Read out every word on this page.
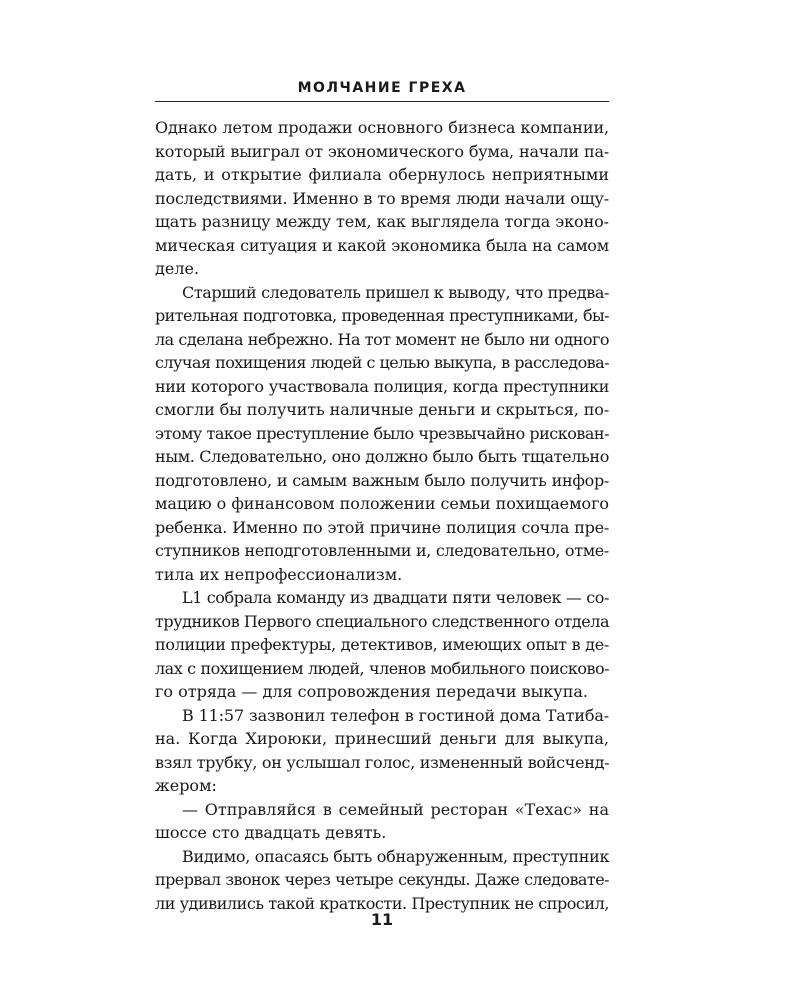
МОЛЧАНИЕ ГРЕХА
Однако летом продажи основного бизнеса компании,
который выиграл от экономического бума, начали па-
дать, и открытие филиала обернулось неприятными
последствиями. Именно в то время люди начали ощу-
щать разницу между тем, как выглядела тогда эконо-
мическая ситуация и какой экономика была на самом
деле.
Старший следователь пришел к выводу, что предва-
рительная подготовка, проведенная преступниками, бы-
ла сделана небрежно. На тот момент не было ни одного
случая похищения людей с целью выкупа, в расследова-
нии которого участвовала полиция, когда преступники
смогли бы получить наличные деньги и скрыться, по-
этому такое преступление было чрезвычайно рискован-
ным. Следовательно, оно должно было быть тщательно
подготовлено, и самым важным было получить инфор-
мацию о финансовом положении семьи похищаемого
ребенка. Именно по этой причине полиция сочла пре-
ступников неподготовленными и, следовательно, отме-
тила их непрофессионализм.
L1 собрала команду из двадцати пяти человек — со-
трудников Первого специального следственного отдела
полиции префектуры, детективов, имеющих опыт в де-
лах с похищением людей, членов мобильного поисково-
го отряда — для сопровождения передачи выкупа.
В 11:57 зазвонил телефон в гостиной дома Татиба-
на. Когда Хироюки, принесший деньги для выкупа,
взял трубку, он услышал голос, измененный войсченд-
жером:
— Отправляйся в семейный ресторан «Техас» на
шоссе сто двадцать девять.
Видимо, опасаясь быть обнаруженным, преступник
прервал звонок через четыре секунды. Даже следовате-
ли удивились такой краткости. Преступник не спросил,
11
